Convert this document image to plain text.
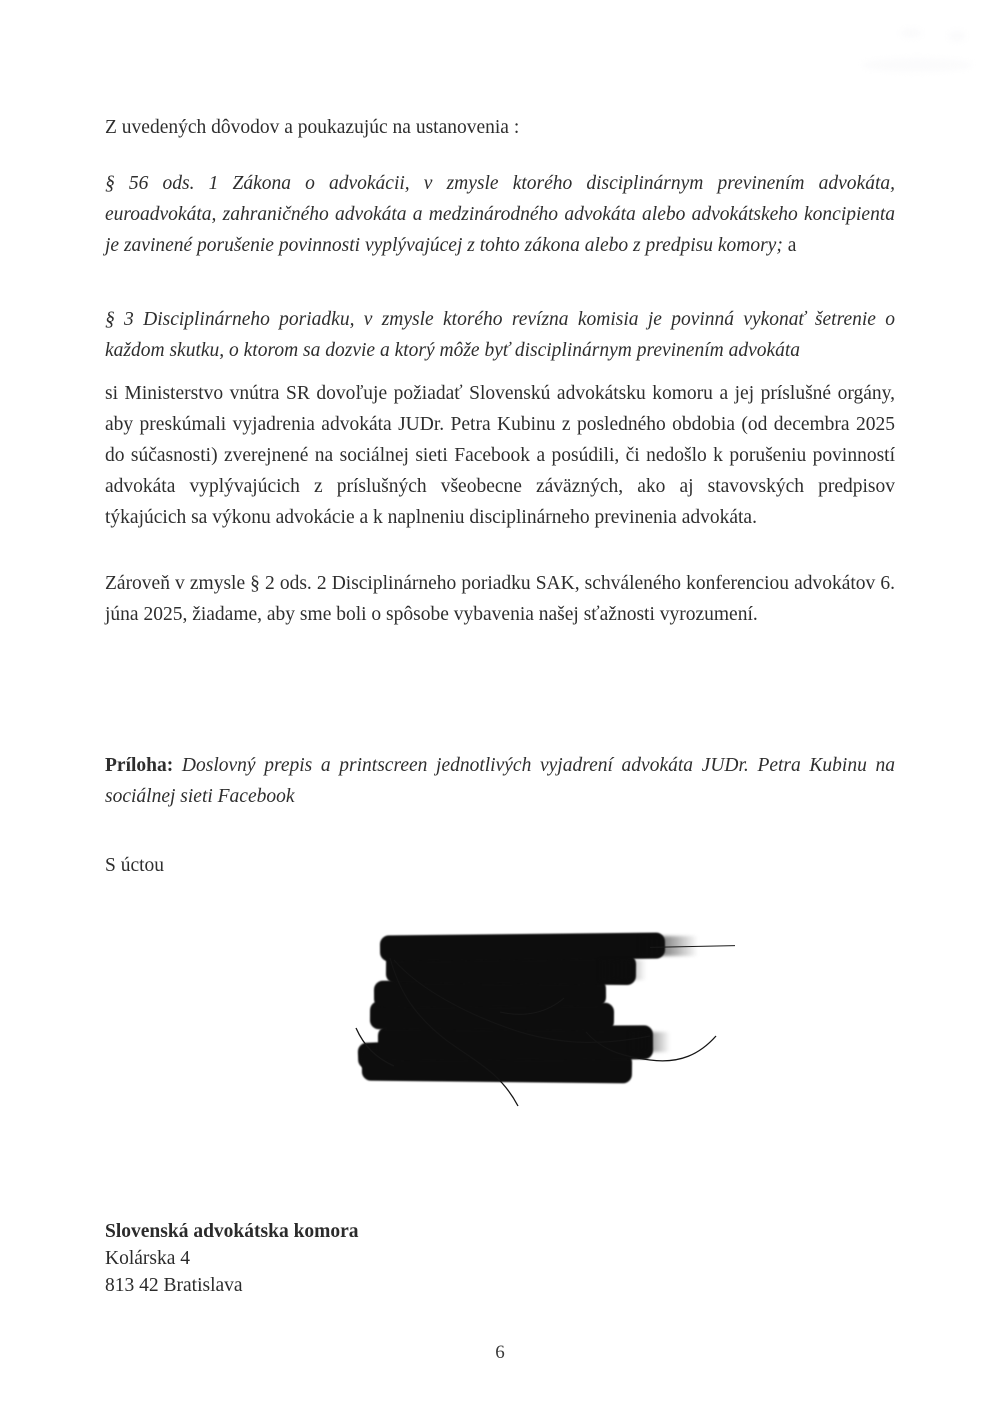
Z uvedených dôvodov a poukazujúc na ustanovenia :

§ 56 ods. 1 Zákona o advokácii, v zmysle ktorého disciplinárnym previnením advokáta, euroadvokáta, zahraničného advokáta a medzinárodného advokáta alebo advokátskeho koncipienta je zavinené porušenie povinnosti vyplývajúcej z tohto zákona alebo z predpisu komory; a

§ 3 Disciplinárneho poriadku, v zmysle ktorého revízna komisia je povinná vykonať šetrenie o každom skutku, o ktorom sa dozvie a ktorý môže byť disciplinárnym previnením advokáta

si Ministerstvo vnútra SR dovoľuje požiadať Slovenskú advokátsku komoru a jej príslušné orgány, aby preskúmali vyjadrenia advokáta JUDr. Petra Kubinu z posledného obdobia (od decembra 2025 do súčasnosti) zverejnené na sociálnej sieti Facebook a posúdili, či nedošlo k porušeniu povinností advokáta vyplývajúcich z príslušných všeobecne záväzných, ako aj stavovských predpisov týkajúcich sa výkonu advokácie a k naplneniu disciplinárneho previnenia advokáta.

Zároveň v zmysle § 2 ods. 2 Disciplinárneho poriadku SAK, schváleného konferenciou advokátov 6. júna 2025, žiadame, aby sme boli o spôsobe vybavenia našej sťažnosti vyrozumení.

Príloha: Doslovný prepis a printscreen jednotlivých vyjadrení advokáta JUDr. Petra Kubinu na sociálnej sieti Facebook

S úctou

Slovenská advokátska komora

Kolárska 4

813 42 Bratislava

6
